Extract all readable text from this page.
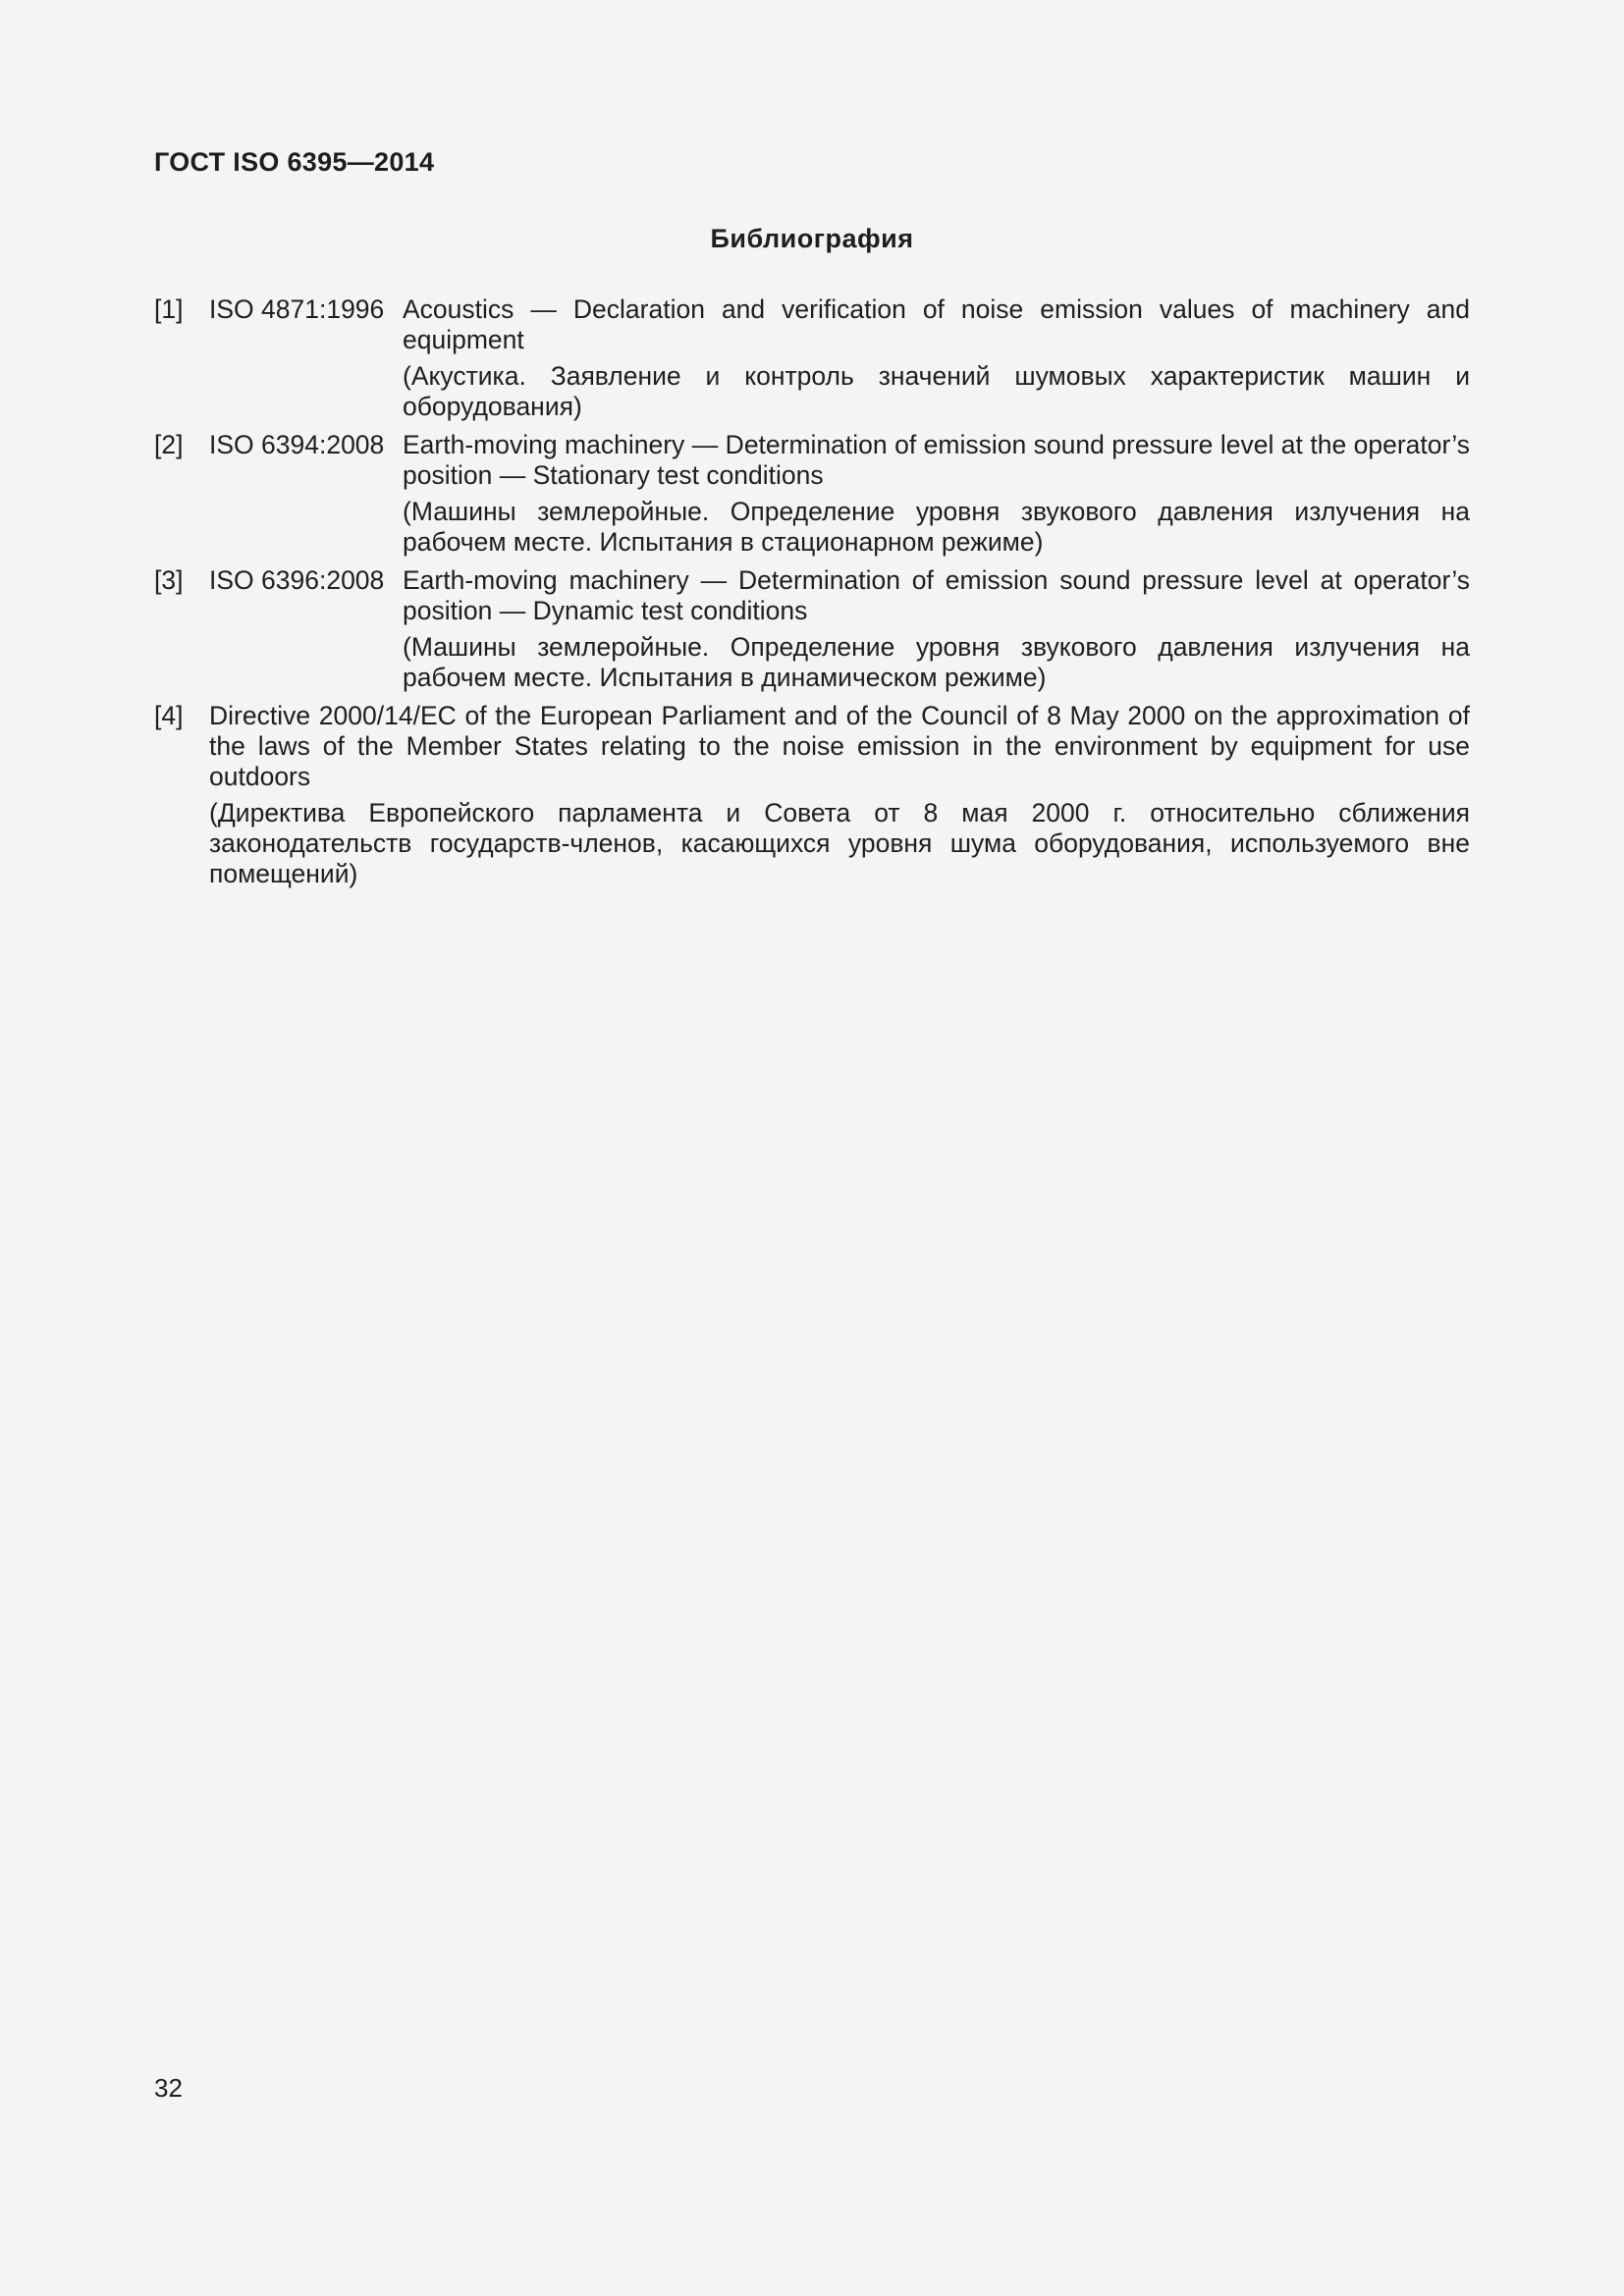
ГОСТ ISO 6395—2014
Библиография
[1]	ISO 4871:1996 Acoustics — Declaration and verification of noise emission values of machinery and equipment

(Акустика. Заявление и контроль значений шумовых характеристик машин и оборудования)

[2]	ISO 6394:2008 Earth-moving machinery — Determination of emission sound pressure level at the operator’s position — Stationary test conditions

(Машины землеройные. Определение уровня звукового давления излучения на рабочем месте. Испытания в стационарном режиме)

[3]	ISO 6396:2008 Earth-moving machinery — Determination of emission sound pressure level at operator’s position — Dynamic test conditions

(Машины землеройные. Определение уровня звукового давления излучения на рабочем месте. Испытания в динамическом режиме)

[4]	Directive 2000/14/EC of the European Parliament and of the Council of 8 May 2000 on the approximation of the laws of the Member States relating to the noise emission in the environment by equipment for use outdoors

(Директива Европейского парламента и Совета от 8 мая 2000 г. относительно сближения законодательств государств-членов, касающихся уровня шума оборудования, используемого вне помещений)

32
